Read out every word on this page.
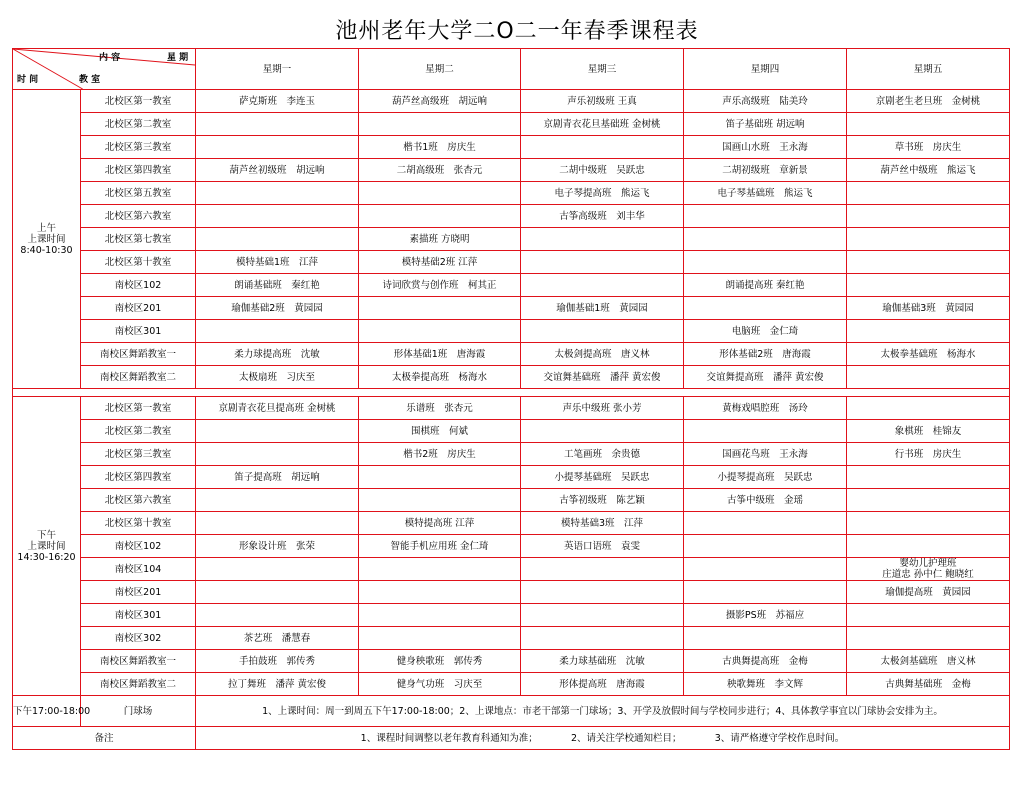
池州老年大学二O二一年春季课程表
内 容 星 期
时 间 教 室		星期一	星期二	星期三	星期四	星期五

上午
上课时间
8:40-10:30	北校区第一教室	萨克斯班　李连玉	葫芦丝高级班　胡远响	声乐初级班 王真	声乐高级班　陆美玲	京剧老生老旦班　金树桃
	北校区第二教室			京剧青衣花旦基础班 金树桃	笛子基础班 胡远响	
	北校区第三教室		楷书1班　房庆生		国画山水班　王永海	草书班　房庆生
	北校区第四教室	葫芦丝初级班　胡远响	二胡高级班　张杏元	二胡中级班　吴跃忠	二胡初级班　章新景	葫芦丝中级班　熊运飞
	北校区第五教室			电子琴提高班　熊运飞	电子琴基础班　熊运飞	
	北校区第六教室			古筝高级班　刘丰华		
	北校区第七教室		素描班 方晓明			
	北校区第十教室	模特基础1班　江萍	模特基础2班 江萍			
	南校区102	朗诵基础班　秦红艳	诗词欣赏与创作班　柯其正		朗诵提高班 秦红艳	
	南校区201	瑜伽基础2班　黄园园		瑜伽基础1班　黄园园		瑜伽基础3班　黄园园
	南校区301				电脑班　金仁琦	
	南校区舞蹈教室一	柔力球提高班　沈敏	形体基础1班　唐海霞	太极剑提高班　唐义林	形体基础2班　唐海霞	太极拳基础班　杨海水
	南校区舞蹈教室二	太极扇班　习庆至	太极拳提高班　杨海水	交谊舞基础班　潘萍 黄宏俊	交谊舞提高班　潘萍 黄宏俊	

下午
上课时间
14:30-16:20	北校区第一教室	京剧青衣花旦提高班 金树桃	乐谱班　张杏元	声乐中级班 张小芳	黄梅戏唱腔班　汤玲	
	北校区第二教室		围棋班　何斌			象棋班　桂锦友
	北校区第三教室		楷书2班　房庆生	工笔画班　余贵德	国画花鸟班　王永海	行书班　房庆生
	北校区第四教室	笛子提高班　胡远响		小提琴基础班　吴跃忠	小提琴提高班　吴跃忠	
	北校区第六教室			古筝初级班　陈艺颖	古筝中级班　金瑶	
	北校区第十教室		模特提高班 江萍	模特基础3班　江萍		
	南校区102	形象设计班　张荣	智能手机应用班 金仁琦	英语口语班　袁雯		
	南校区104					婴幼儿护理班
庄道忠 孙中仁 鲍晓红

	南校区201					瑜伽提高班　黄园园
	南校区301				摄影PS班　苏福应	
	南校区302	茶艺班　潘慧春				
	南校区舞蹈教室一	手拍鼓班　郭传秀	健身秧歌班　郭传秀	柔力球基础班　沈敏	古典舞提高班　金梅	太极剑基础班　唐义林
	南校区舞蹈教室二	拉丁舞班　潘萍 黄宏俊	健身气功班　习庆至	形体提高班　唐海霞	秧歌舞班　李文辉	古典舞基础班　金梅
下午17:00-18:00	门球场	1、上课时间：周一到周五下午17:00-18:00；2、上课地点：市老干部第一门球场；3、开学及放假时间与学校同步进行；4、具体教学事宜以门球协会安排为主。				
备注		1、课程时间调整以老年教育科通知为准；　　　　2、请关注学校通知栏目；　　　　3、请严格遵守学校作息时间。				
